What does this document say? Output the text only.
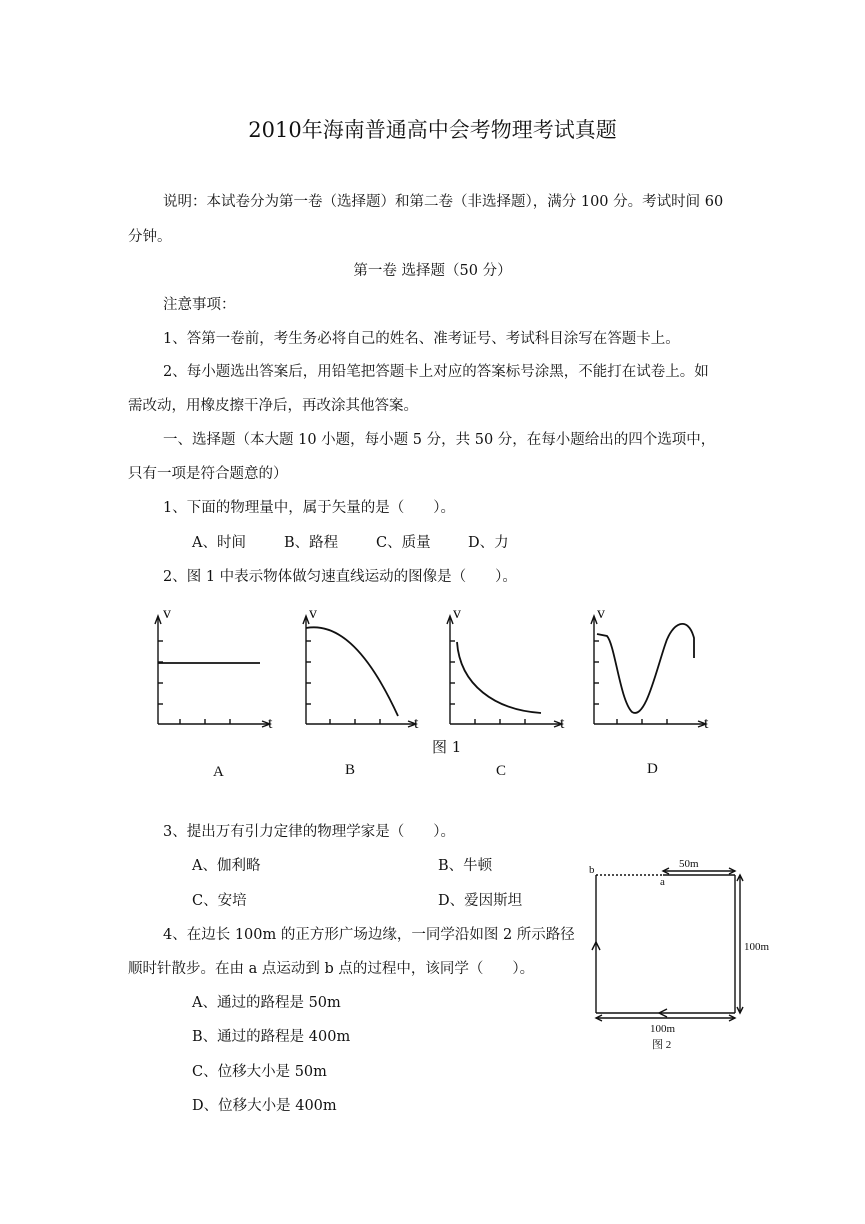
2010年海南普通高中会考物理考试真题
说明：本试卷分为第一卷（选择题）和第二卷（非选择题），满分 100 分。考试时间 60
分钟。
第一卷 选择题（50 分）
注意事项：
1、答第一卷前，考生务必将自己的姓名、准考证号、考试科目涂写在答题卡上。
2、每小题选出答案后，用铅笔把答题卡上对应的答案标号涂黑，不能打在试卷上。如
需改动，用橡皮擦干净后，再改涂其他答案。
一、选择题（本大题 10 小题，每小题 5 分，共 50 分，在每小题给出的四个选项中，
只有一项是符合题意的）
1、下面的物理量中，属于矢量的是（　　）。
A、时间	B、路程	C、质量	D、力
2、图 1 中表示物体做匀速直线运动的图像是（　　）。
v
t
v
t
v
t
v
t
图 1
A	B	C	D
3、提出万有引力定律的物理学家是（　　）。
A、伽利略	B、牛顿
C、安培	D、爱因斯坦
4、在边长 100m 的正方形广场边缘，一同学沿如图 2 所示路径
顺时针散步。在由 a 点运动到 b 点的过程中，该同学（　　）。
A、通过的路程是 50m
B、通过的路程是 400m
C、位移大小是 50m
D、位移大小是 400m
b
a
50m
100m
100m
图 2
